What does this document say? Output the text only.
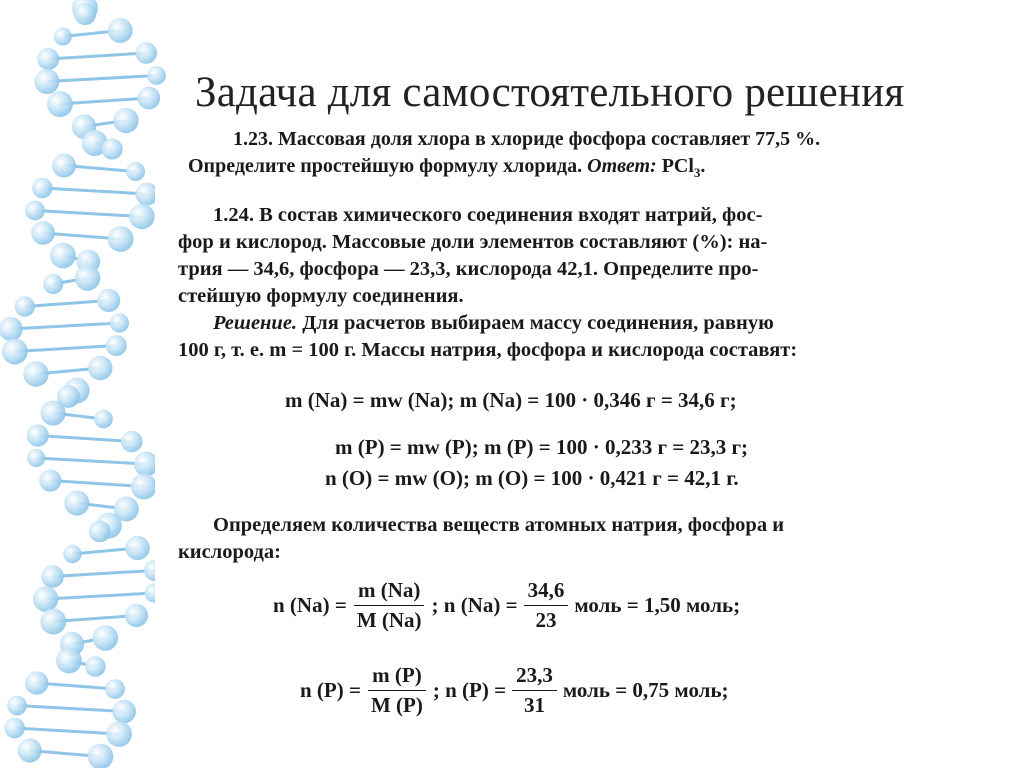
Задача для самостоятельного решения

1.23. Массовая доля хлора в хлориде фосфора составляет 77,5 %.
Определите простейшую формулу хлорида. Ответ: PCl$_3$.

1.24. В состав химического соединения входят натрий, фос-
фор и кислород. Массовые доли элементов составляют (%): на-
трия — 34,6, фосфора — 23,3, кислорода 42,1. Определите про-
стейшую формулу соединения.
Решение. Для расчетов выбираем массу соединения, равную
100 г, т. е. m = 100 г. Массы натрия, фосфора и кислорода составят:

m (Na) = mw (Na); m (Na) = 100 · 0,346 г = 34,6 г;
m (P) = mw (P); m (P) = 100 · 0,233 г = 23,3 г;
n (O) = mw (O); m (O) = 100 · 0,421 г = 42,1 г.

Определяем количества веществ атомных натрия, фосфора и
кислорода:

n $(Na) = \frac{m (Na)}{M (Na)}$ ; n $(Na) = \frac{34,6}{23}$ моль = 1,50 моль;
n $(P) = \frac{m (P)}{M (P)}$ ; n $(P) = \frac{23,3}{31}$ моль = 0,75 моль;
